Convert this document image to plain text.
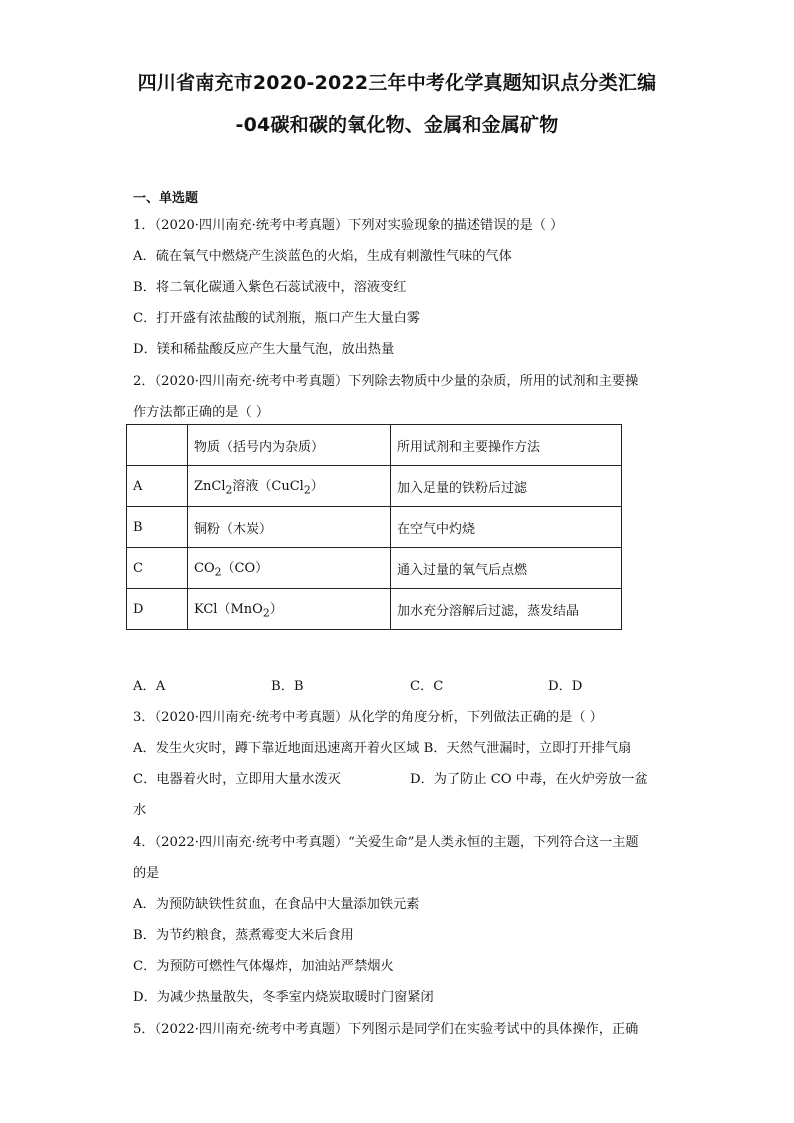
四川省南充市2020-2022三年中考化学真题知识点分类汇编
-04碳和碳的氧化物、金属和金属矿物
一、单选题
1．（2020·四川南充·统考中考真题）下列对实验现象的描述错误的是（ ）
A．硫在氧气中燃烧产生淡蓝色的火焰，生成有刺激性气味的气体
B．将二氧化碳通入紫色石蕊试液中，溶液变红
C．打开盛有浓盐酸的试剂瓶，瓶口产生大量白雾
D．镁和稀盐酸反应产生大量气泡，放出热量
2．（2020·四川南充·统考中考真题）下列除去物质中少量的杂质，所用的试剂和主要操
作方法都正确的是（ ）
	物质（括号内为杂质）	所用试剂和主要操作方法
A	ZnCl$_2$溶液（CuCl$_2$）	加入足量的铁粉后过滤
B	铜粉（木炭）	在空气中灼烧
C	$CO_2(CO)$	通入过量的氧气后点燃
D	KCl（MnO$_2$）	加水充分溶解后过滤，蒸发结晶
A．A	B．B	C．C	D．D
3．（2020·四川南充·统考中考真题）从化学的角度分析，下列做法正确的是（ ）
A．发生火灾时，蹲下靠近地面迅速离开着火区域 B．天然气泄漏时，立即打开排气扇
C．电器着火时，立即用大量水泼灭	D．为了防止 CO 中毒，在火炉旁放一盆
水
4．（2022·四川南充·统考中考真题）“关爱生命”是人类永恒的主题，下列符合这一主题
的是
A．为预防缺铁性贫血，在食品中大量添加铁元素
B．为节约粮食，蒸煮霉变大米后食用
C．为预防可燃性气体爆炸，加油站严禁烟火
D．为减少热量散失，冬季室内烧炭取暖时门窗紧闭
5．（2022·四川南充·统考中考真题）下列图示是同学们在实验考试中的具体操作，正确
